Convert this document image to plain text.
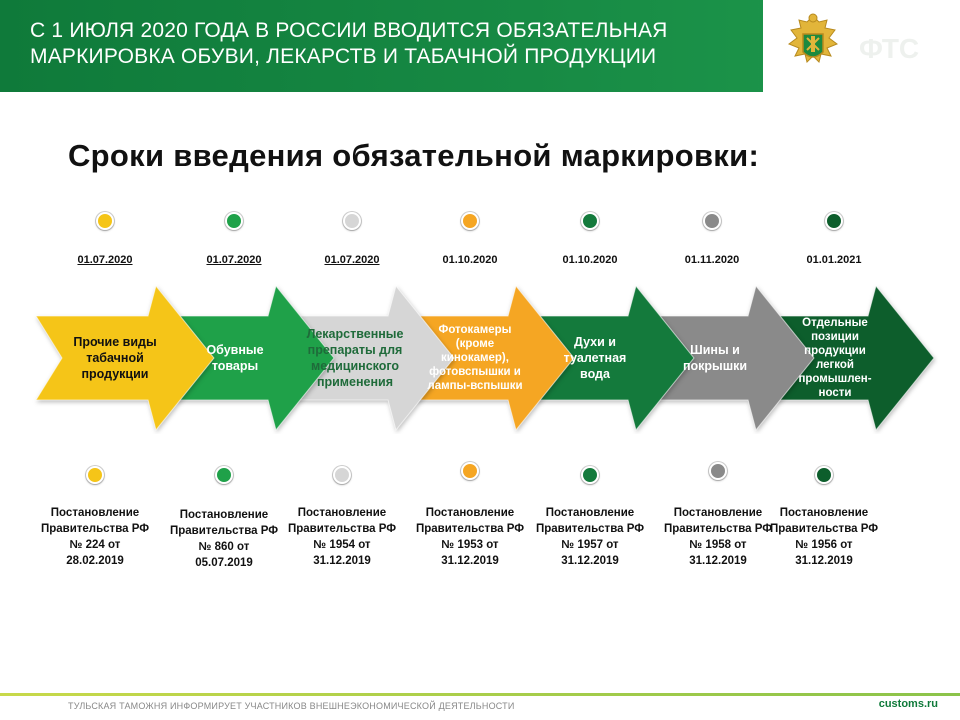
С 1 ИЮЛЯ 2020 ГОДА В РОССИИ ВВОДИТСЯ ОБЯЗАТЕЛЬНАЯ
МАРКИРОВКА ОБУВИ, ЛЕКАРСТВ И ТАБАЧНОЙ ПРОДУКЦИИ	ФТС
Сроки введения обязательной маркировки:
01.07.2020	01.07.2020	01.07.2020	01.10.2020	01.10.2020	01.11.2020	01.01.2021
Прочие виды
табачной
продукции
Обувные
товары
Лекарственные
препараты для
медицинского
применения
Фотокамеры
(кроме
кинокамер),
фотовспышки и
лампы-вспышки
Духи и
туалетная
вода
Шины и
покрышки
Отдельные
позиции
продукции
легкой
промышлен-
ности
Постановление
Правительства РФ
№ 224 от
28.02.2019
Постановление
Правительства РФ
№ 860 от
05.07.2019
Постановление
Правительства РФ
№ 1954 от
31.12.2019
Постановление
Правительства РФ
№ 1953 от
31.12.2019
Постановление
Правительства РФ
№ 1957 от
31.12.2019
Постановление
Правительства РФ
№ 1958 от
31.12.2019
Постановление
Правительства РФ
№ 1956 от
31.12.2019
ТУЛЬСКАЯ ТАМОЖНЯ ИНФОРМИРУЕТ УЧАСТНИКОВ ВНЕШНЕЭКОНОМИЧЕСКОЙ ДЕЯТЕЛЬНОСТИ	customs.ru
